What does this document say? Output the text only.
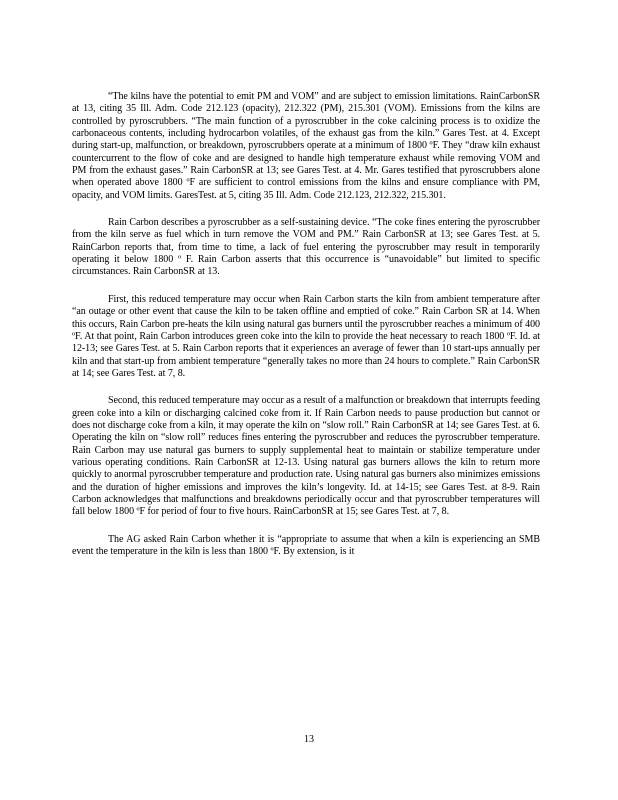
“The kilns have the potential to emit PM and VOM” and are subject to emission limitations. RainCarbonSR at 13, citing 35 Ill. Adm. Code 212.123 (opacity), 212.322 (PM), 215.301 (VOM). Emissions from the kilns are controlled by pyroscrubbers. “The main function of a pyroscrubber in the coke calcining process is to oxidize the carbonaceous contents, including hydrocarbon volatiles, of the exhaust gas from the kiln.” Gares Test. at 4. Except during start-up, malfunction, or breakdown, pyroscrubbers operate at a minimum of 1800 ºF. They “draw kiln exhaust countercurrent to the flow of coke and are designed to handle high temperature exhaust while removing VOM and PM from the exhaust gases.” Rain CarbonSR at 13; see Gares Test. at 4. Mr. Gares testified that pyroscrubbers alone when operated above 1800 ºF are sufficient to control emissions from the kilns and ensure compliance with PM, opacity, and VOM limits. GaresTest. at 5, citing 35 Ill. Adm. Code 212.123, 212.322, 215.301.

Rain Carbon describes a pyroscrubber as a self-sustaining device. “The coke fines entering the pyroscrubber from the kiln serve as fuel which in turn remove the VOM and PM.” Rain CarbonSR at 13; see Gares Test. at 5. RainCarbon reports that, from time to time, a lack of fuel entering the pyroscrubber may result in temporarily operating it below 1800 º F. Rain Carbon asserts that this occurrence is “unavoidable” but limited to specific circumstances. Rain CarbonSR at 13.

First, this reduced temperature may occur when Rain Carbon starts the kiln from ambient temperature after “an outage or other event that cause the kiln to be taken offline and emptied of coke.” Rain Carbon SR at 14. When this occurs, Rain Carbon pre-heats the kiln using natural gas burners until the pyroscrubber reaches a minimum of 400 ºF. At that point, Rain Carbon introduces green coke into the kiln to provide the heat necessary to reach 1800 ºF. Id. at 12-13; see Gares Test. at 5. Rain Carbon reports that it experiences an average of fewer than 10 start-ups annually per kiln and that start-up from ambient temperature “generally takes no more than 24 hours to complete.” Rain CarbonSR at 14; see Gares Test. at 7, 8.

Second, this reduced temperature may occur as a result of a malfunction or breakdown that interrupts feeding green coke into a kiln or discharging calcined coke from it. If Rain Carbon needs to pause production but cannot or does not discharge coke from a kiln, it may operate the kiln on “slow roll.” Rain CarbonSR at 14; see Gares Test. at 6. Operating the kiln on “slow roll” reduces fines entering the pyroscrubber and reduces the pyroscrubber temperature. Rain Carbon may use natural gas burners to supply supplemental heat to maintain or stabilize temperature under various operating conditions. Rain CarbonSR at 12-13. Using natural gas burners allows the kiln to return more quickly to anormal pyroscrubber temperature and production rate. Using natural gas burners also minimizes emissions and the duration of higher emissions and improves the kiln’s longevity. Id. at 14-15; see Gares Test. at 8-9. Rain Carbon acknowledges that malfunctions and breakdowns periodically occur and that pyroscrubber temperatures will fall below 1800 ºF for period of four to five hours. RainCarbonSR at 15; see Gares Test. at 7, 8.

The AG asked Rain Carbon whether it is “appropriate to assume that when a kiln is experiencing an SMB event the temperature in the kiln is less than 1800 ºF. By extension, is it

13
